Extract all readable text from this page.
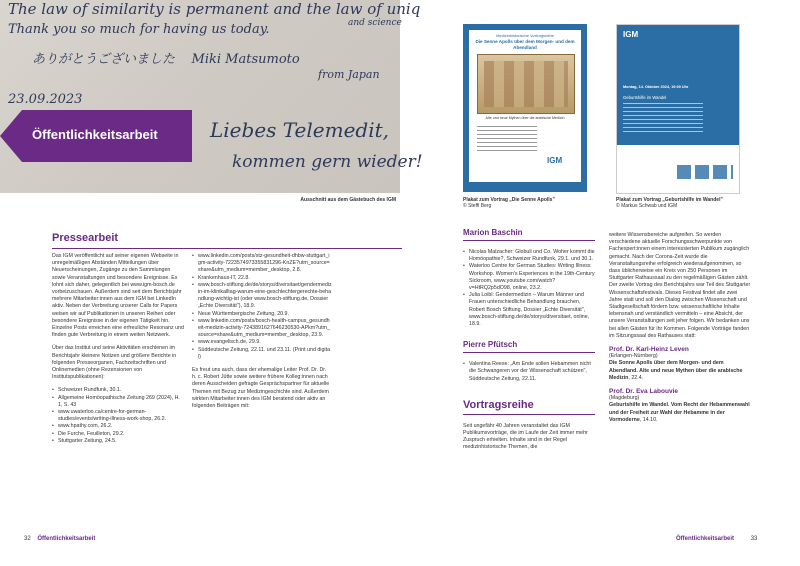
The law of similarity is permanent and the law of uniq
and science
Thank you so much for having us today.
ありがとうございました Miki Matsumoto
from Japan
23.09.2023
Liebes Telemedit,
kommen gern wieder!
Öffentlichkeitsarbeit
Ausschnitt aus dem Gästebuch des IGM
Pressearbeit

Das IGM veröffentlicht auf seiner eigenen Webseite in unregelmäßigen Abständen Mitteilungen über Neuerscheinungen, Zugänge zu den Sammlungen sowie Veranstaltungen und besondere Ereignisse. Es lohnt sich daher, gelegentlich bei www.igm-bosch.de vorbeizuschauen. Außerdem sind seit dem Berichtsjahr mehrere Mitarbeiter:innen aus dem IGM bei LinkedIn aktiv. Neben der Verbreitung unserer Calls for Papers weisen wir auf Publikationen in unseren Reihen oder besondere Ereignisse in der eigenen Tätigkeit hin. Einzelne Posts erreichen eine erfreuliche Resonanz und finden gute Verbreitung in einem weiten Netzwerk.

Über das Institut und seine Aktivitäten erschienen im Berichtsjahr kleinere Notizen und größere Berichte in folgenden Presseorganen, Fachzeitschriften und Onlinemedien (ohne Rezensionen von Institutspublikationen):

• Schweizer Rundfunk, 30.1.
• Allgemeine Homöopathische Zeitung 269 (2024), H. 1, S. 43
• www.uwaterloo.ca/centre-for-german-studies/events/writing-illness-work-shop, 26.2.
• www.hpathy.com, 26.2.
• Die Furche, Feuilleton, 29.2.
• Stuttgarter Zeitung, 24.5.
• www.linkedin.com/posts/stz-gesundheit-dhbw-stuttgart_igm-activity-7223574973355831296-KnZE?utm_source=share&utm_medium=member_desktop, 2.8.
• Krankenhaus-IT, 22.8.
• www.bosch-stiftung.de/de/storys/diversitaet/gendermedizin-im-klinikalltag-warum-eine-geschlechtergerechte-behandlung-wichtig-ist (oder www.bosch-stiftung.de, Dossier „Echte Diversität"), 18.9.
• Neue Württembergische Zeitung, 20.9.
• www.linkedin.com/posts/bosch-health-campus_gesundheit-medizin-activity-7243891627646230530-APkm?utm_source=share&utm_medium=member_desktop, 23.9.
• www.evangelisch.de, 29.9.
• Süddeutsche Zeitung, 22.11. und 23.11. (Print und digital)

Es freut uns auch, dass der ehemalige Leiter Prof. Dr. Dr. h. c. Robert Jütte sowie weitere frühere Kolleg:innen nach deren Ausscheiden gefragte Gesprächspartner für aktuelle Themen mit Bezug zur Medizingeschichte sind. Außerdem wirkten Mitarbeiter:innen des IGM beratend oder aktiv an folgenden Beiträgen mit:

32 Öffentlichkeitsarbeit
Medizinhistorische Vortragsreihe
Die Senne Apolls über dem Morgen- und dem Abendland
Alte und neue Mythen über die arabische Medizin
IGM
Plakat zum Vortrag „Die Senne Apolls"
© Steffi Berg
IGM
Montag, 14. Oktober 2024, 19:00 Uhr
Geburtshilfe im Wandel
Plakat zum Vortrag „Geburtshilfe im Wandel"
© Markus Schwab und IGM
Marion Baschin
• Nicolas Malzacher: Globuli und Co. Woher kommt die Homöopathie?, Schweizer Rundfunk, 29.1. und 30.1.
• Waterloo Centre for German Studies: Writing Illness Workshop. Women's Experiences in the 19th-Century Sickroom, www.youtube.com/watch?v=HtRQ2p5dO98, online, 23.2.
• Julia Loibl: Gendermedizin – Warum Männer und Frauen unterschiedliche Behandlung brauchen, Robert Bosch Stiftung, Dossier „Echte Diversität", www.bosch-stiftung.de/de/storys/diversitaet, online, 18.9.
Pierre Pfütsch
• Valentina Reese: „Am Ende sollen Hebammen nicht die Schwangeren vor der Wissenschaft schützen", Süddeutsche Zeitung, 22.11.
Vortragsreihe
Seit ungefähr 40 Jahren veranstaltet das IGM Publikumsvorträge, die im Laufe der Zeit immer mehr Zuspruch erhielten. Inhalte sind in der Regel medizinhistorische Themen, die
weitere Wissensbereiche aufgreifen. So werden verschiedene aktuelle Forschungsschwerpunkte von Fachexpert:innen einem interessierten Publikum zugänglich gemacht. Nach der Corona-Zeit wurde die Veranstaltungsreihe erfolgreich wiederaufgenommen, so dass üblicherweise ein Kreis von 250 Personen im Stuttgarter Rathaussaal zu den regelmäßigen Gästen zählt. Der zweite Vortrag des Berichtsjahrs war Teil des Stuttgarter Wissenschaftsfestivals. Dieses Festival findet alle zwei Jahre statt und soll den Dialog zwischen Wissenschaft und Stadtgesellschaft fördern bzw. wissenschaftliche Inhalte lebensnah und verständlich vermitteln – eine Absicht, der unsere Veranstaltungen seit jeher folgen. Wir bedanken uns bei allen Gästen für ihr Kommen. Folgende Vorträge fanden im Sitzungssaal des Rathauses statt:
Prof. Dr. Karl-Heinz Leven
(Erlangen-Nürnberg)
Die Sonne Apolls über dem Morgen- und dem Abendland. Alte und neue Mythen über die arabische Medizin, 22.4.
Prof. Dr. Eva Labouvie
(Magdeburg)
Geburtshilfe im Wandel. Vom Recht der Hebammenwahl und der Freiheit zur Wahl der Hebamme in der Vormoderne, 14.10.
Öffentlichkeitsarbeit	33
